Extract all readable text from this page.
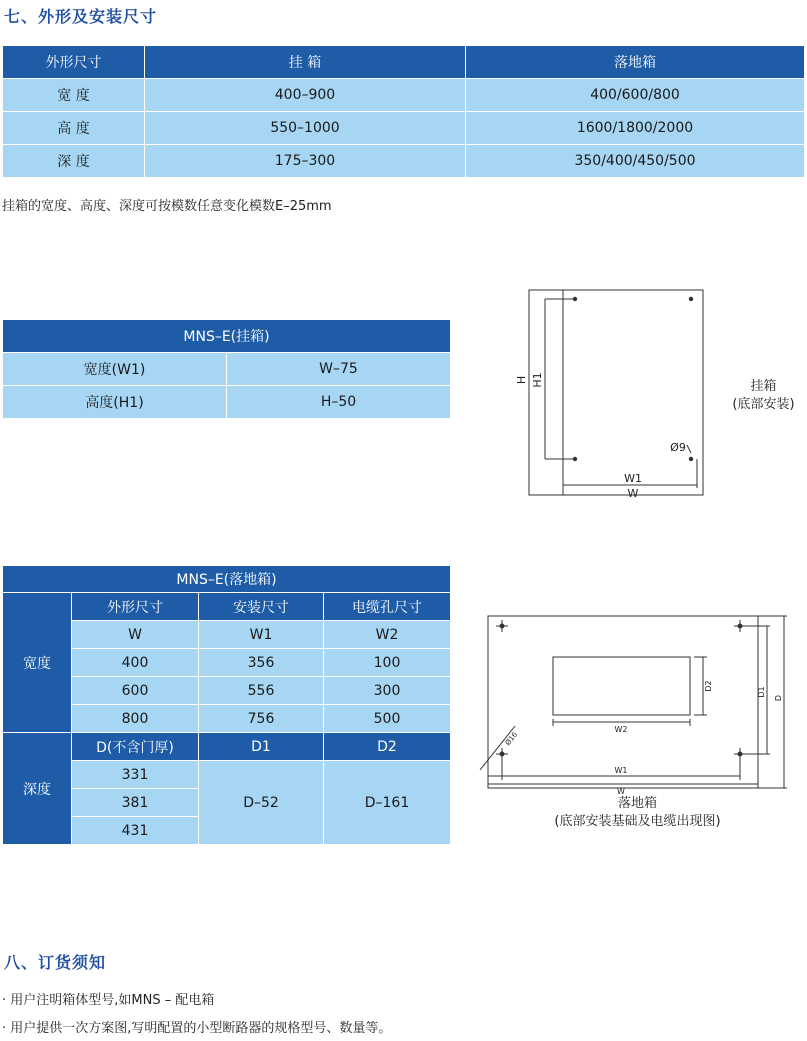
七、外形及安装尺寸
外形尺寸	挂 箱	落地箱
宽 度	400–900	400/600/800
高 度	550–1000	1600/1800/2000
深 度	175–300	350/400/450/500
挂箱的宽度、高度、深度可按模数任意变化模数E–25mm
MNS–E(挂箱)	
宽度(W1)	W–75
高度(H1)	H–50
H H1
W1
W
Ø9
挂箱
(底部安装)
MNS–E(落地箱)			
宽度	外形尺寸	安装尺寸	电缆孔尺寸
	W	W1	W2
	400	356	100
	600	556	300
	800	756	500
深度	D(不含门厚)	D1	D2
	331	D–52	D–161
	381		
	431		
W2
D2
D1
D
W1
W
Ø16
落地箱
(底部安装基础及电缆出现图)
八、订货须知
· 用户注明箱体型号,如MNS – 配电箱
· 用户提供一次方案图,写明配置的小型断路器的规格型号、数量等。
